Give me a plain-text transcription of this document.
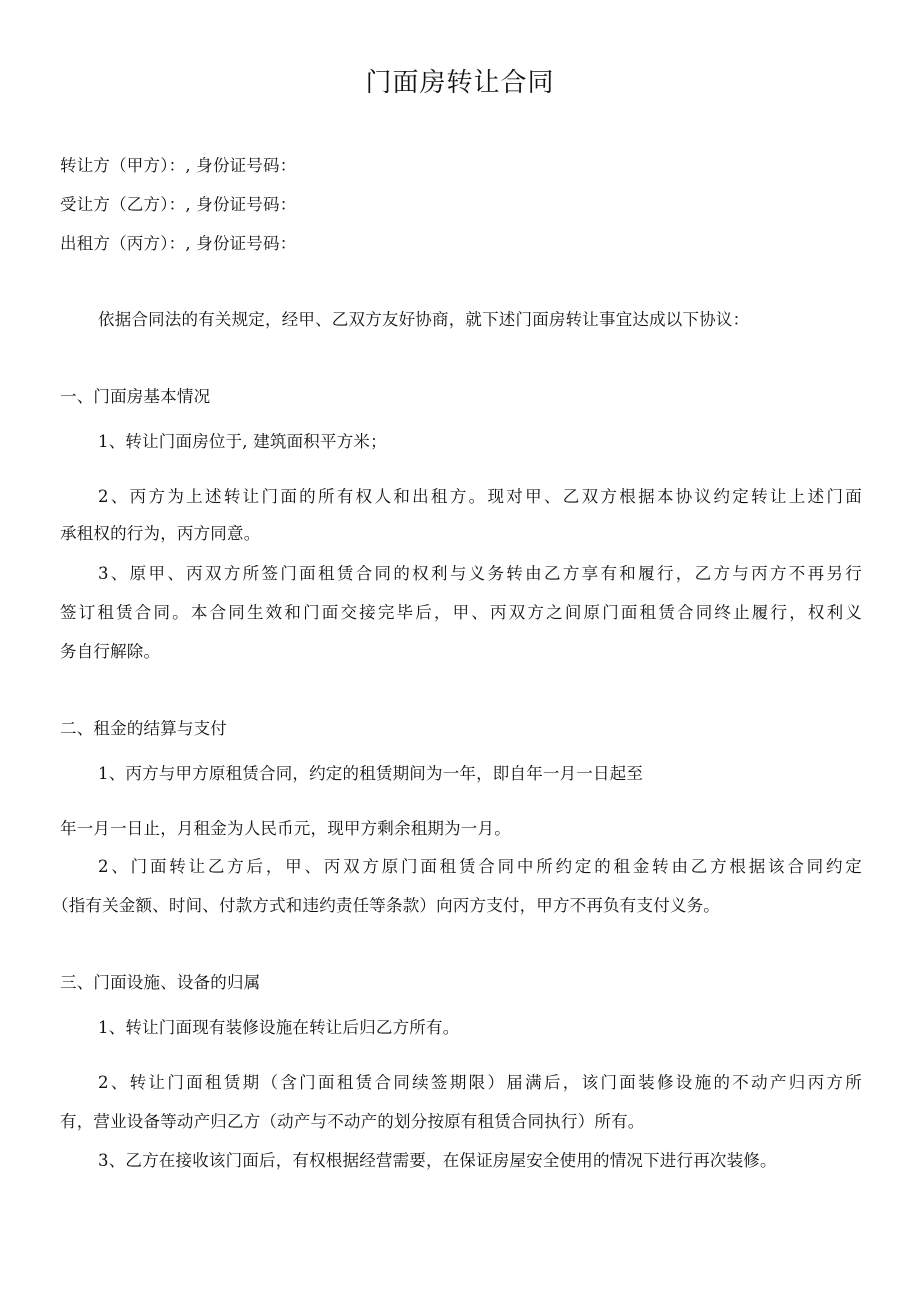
门面房转让合同
转让方（甲方）：, 身份证号码：
受让方（乙方）：, 身份证号码：
出租方（丙方）：, 身份证号码：
依据合同法的有关规定，经甲、乙双方友好协商，就下述门面房转让事宜达成以下协议：
一、门面房基本情况
1、转让门面房位于, 建筑面积平方米；
2、丙方为上述转让门面的所有权人和出租方。现对甲、乙双方根据本协议约定转让上述门面
承租权的行为，丙方同意。
3、原甲、丙双方所签门面租赁合同的权利与义务转由乙方享有和履行，乙方与丙方不再另行
签订租赁合同。本合同生效和门面交接完毕后，甲、丙双方之间原门面租赁合同终止履行，权利义
务自行解除。
二、租金的结算与支付
1、丙方与甲方原租赁合同，约定的租赁期间为一年，即自年一月一日起至
年一月一日止，月租金为人民币元，现甲方剩余租期为一月。
2、门面转让乙方后，甲、丙双方原门面租赁合同中所约定的租金转由乙方根据该合同约定
（指有关金额、时间、付款方式和违约责任等条款）向丙方支付，甲方不再负有支付义务。
三、门面设施、设备的归属
1、转让门面现有装修设施在转让后归乙方所有。
2、转让门面租赁期（含门面租赁合同续签期限）届满后，该门面装修设施的不动产归丙方所
有，营业设备等动产归乙方（动产与不动产的划分按原有租赁合同执行）所有。
3、乙方在接收该门面后，有权根据经营需要，在保证房屋安全使用的情况下进行再次装修。
